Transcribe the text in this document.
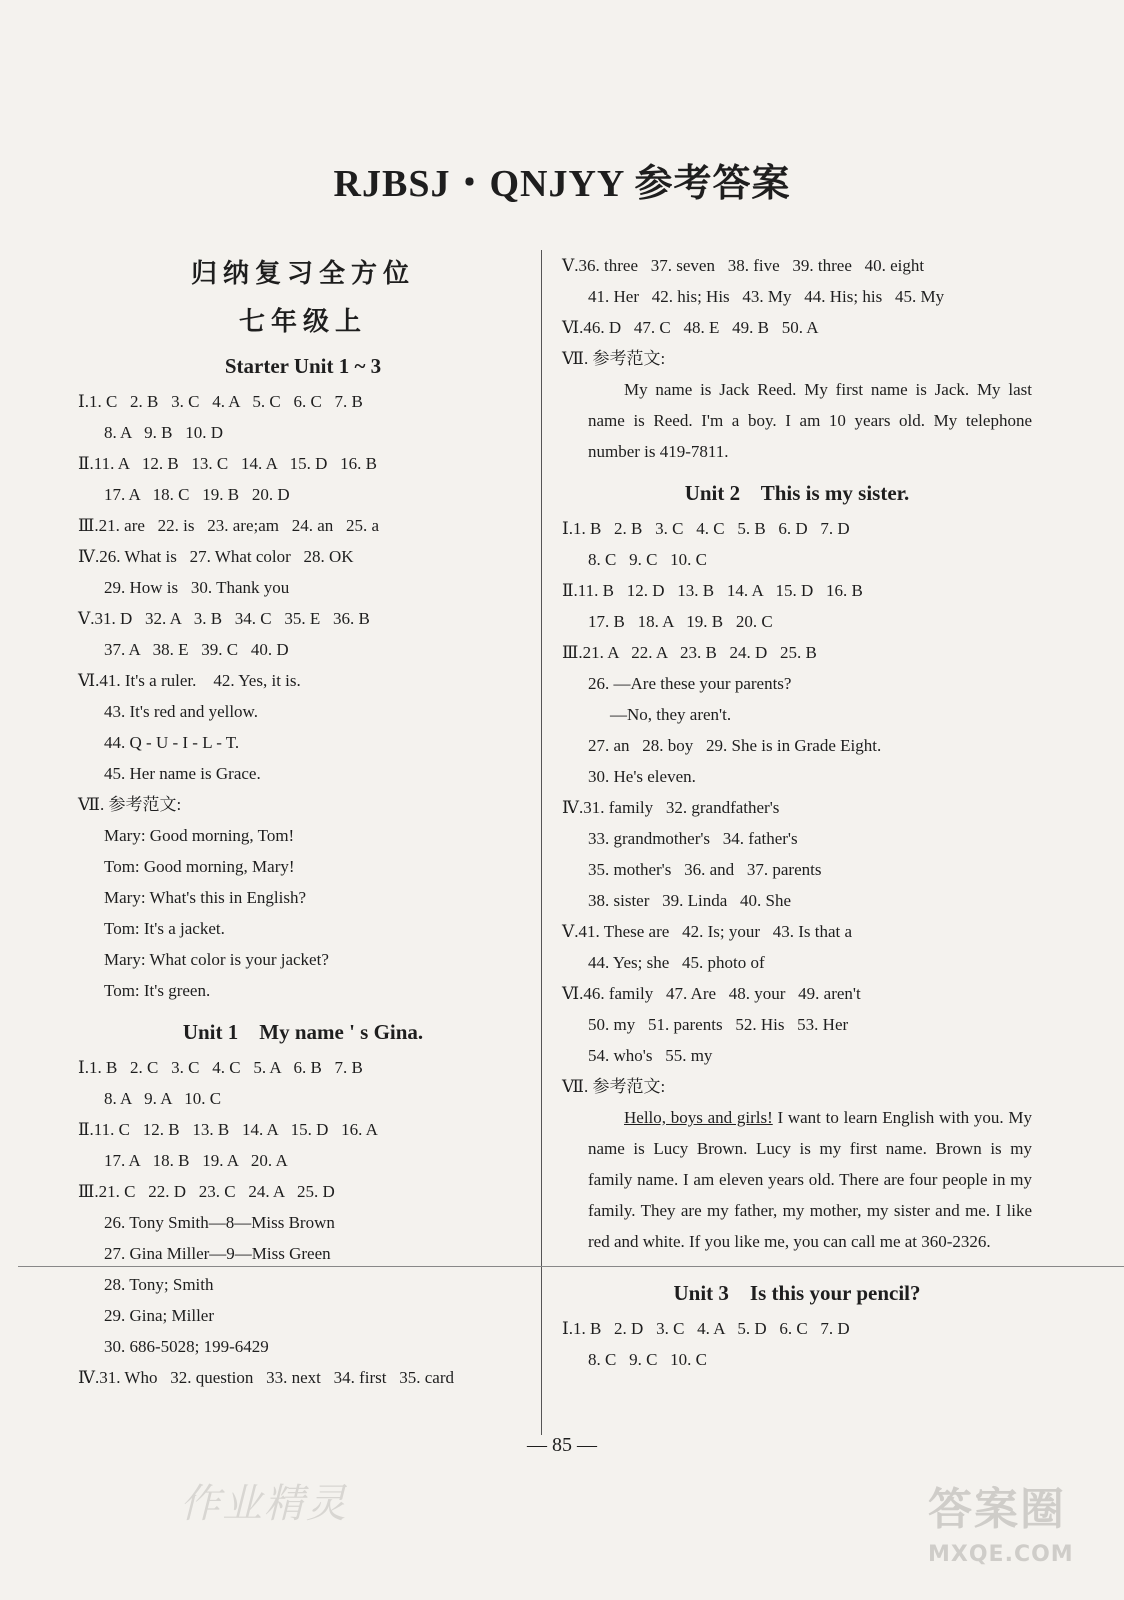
RJBSJ・QNJYY 参考答案
归纳复习全方位
七年级上
Starter Unit 1 ~ 3
Ⅰ.1. C   2. B   3. C   4. A   5. C   6. C   7. B
8. A   9. B   10. D
Ⅱ.11. A   12. B   13. C   14. A   15. D   16. B
17. A   18. C   19. B   20. D
Ⅲ.21. are   22. is   23. are;am   24. an   25. a
Ⅳ.26. What is   27. What color   28. OK
29. How is   30. Thank you
Ⅴ.31. D   32. A   3. B   34. C   35. E   36. B
37. A   38. E   39. C   40. D
Ⅵ.41. It's a ruler.    42. Yes, it is.
43. It's red and yellow.
44. Q - U - I - L - T.
45. Her name is Grace.
Ⅶ. 参考范文:
Mary: Good morning, Tom!
Tom: Good morning, Mary!
Mary: What's this in English?
Tom: It's a jacket.
Mary: What color is your jacket?
Tom: It's green.
Unit 1    My name ' s Gina.
Ⅰ.1. B   2. C   3. C   4. C   5. A   6. B   7. B
8. A   9. A   10. C
Ⅱ.11. C   12. B   13. B   14. A   15. D   16. A
17. A   18. B   19. A   20. A
Ⅲ.21. C   22. D   23. C   24. A   25. D
26. Tony Smith—8—Miss Brown
27. Gina Miller—9—Miss Green
28. Tony; Smith
29. Gina; Miller
30. 686-5028; 199-6429
Ⅳ.31. Who   32. question   33. next   34. first   35. card
Ⅴ.36. three   37. seven   38. five   39. three   40. eight
41. Her   42. his; His   43. My   44. His; his   45. My
Ⅵ.46. D   47. C   48. E   49. B   50. A
Ⅶ. 参考范文:
My name is Jack Reed. My first name is Jack. My last name is Reed. I'm a boy. I am 10 years old. My telephone number is 419-7811.
Unit 2    This is my sister.
Ⅰ.1. B   2. B   3. C   4. C   5. B   6. D   7. D
8. C   9. C   10. C
Ⅱ.11. B   12. D   13. B   14. A   15. D   16. B
17. B   18. A   19. B   20. C
Ⅲ.21. A   22. A   23. B   24. D   25. B
26. —Are these your parents?
—No, they aren't.
27. an   28. boy   29. She is in Grade Eight.
30. He's eleven.
Ⅳ.31. family   32. grandfather's
33. grandmother's   34. father's
35. mother's   36. and   37. parents
38. sister   39. Linda   40. She
Ⅴ.41. These are   42. Is; your   43. Is that a
44. Yes; she   45. photo of
Ⅵ.46. family   47. Are   48. your   49. aren't
50. my   51. parents   52. His   53. Her
54. who's   55. my
Ⅶ. 参考范文:
Hello, boys and girls! I want to learn English with you. My name is Lucy Brown. Lucy is my first name. Brown is my family name. I am eleven years old. There are four people in my family. They are my father, my mother, my sister and me. I like red and white. If you like me, you can call me at 360-2326.
Unit 3    Is this your pencil?
Ⅰ.1. B   2. D   3. C   4. A   5. D   6. C   7. D
8. C   9. C   10. C
— 85 —
作业精灵	答案圈
MXQE.COM
